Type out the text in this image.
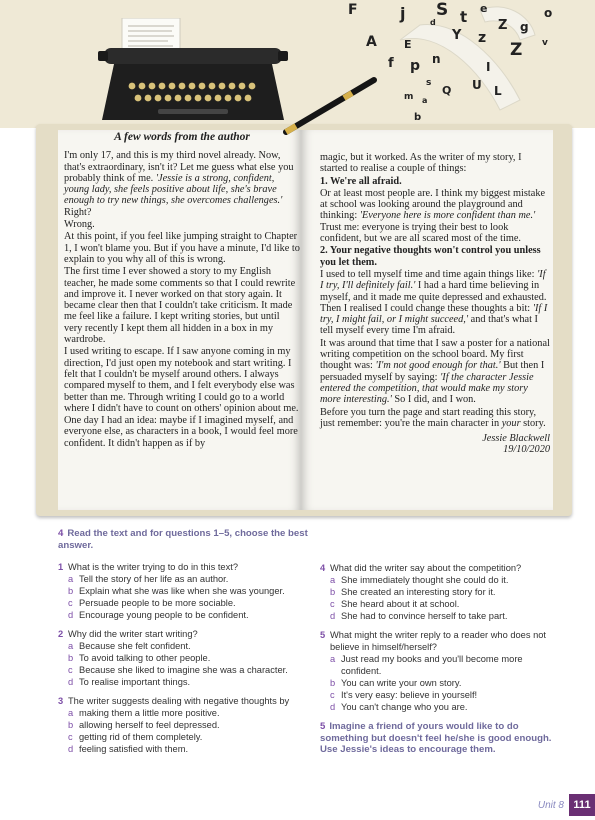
F	j S t e
Z g
o
d
Y z
A E	Z v
n
f p	I
U
Q	L
s
m a
b
A few words from the author

I'm only 17, and this is my third novel already. Now, that's extraordinary, isn't it? Let me guess what else you probably think of me. 'Jessie is a strong, confident, young lady, she feels positive about life, she's brave enough to try new things, she overcomes challenges.' Right?

Wrong.

At this point, if you feel like jumping straight to Chapter 1, I won't blame you. But if you have a minute, I'd like to explain to you why all of this is wrong.

The first time I ever showed a story to my English teacher, he made some comments so that I could rewrite and improve it. I never worked on that story again. It became clear then that I couldn't take criticism. It made me feel like a failure. I kept writing stories, but until very recently I kept them all hidden in a box in my wardrobe.

I used writing to escape. If I saw anyone coming in my direction, I'd just open my notebook and start writing. I felt that I couldn't be myself around others. I always compared myself to them, and I felt everybody else was better than me. Through writing I could go to a world where I didn't have to count on others' opinion about me.

One day I had an idea: maybe if I imagined myself, and everyone else, as characters in a book, I would feel more confident. It didn't happen as if by

magic, but it worked. As the writer of my story, I started to realise a couple of things:

1. We're all afraid.

Or at least most people are. I think my biggest mistake at school was looking around the playground and thinking: 'Everyone here is more confident than me.' Trust me: everyone is trying their best to look confident, but we are all scared most of the time.

2. Your negative thoughts won't control you unless you let them.

I used to tell myself time and time again things like: 'If I try, I'll definitely fail.' I had a hard time believing in myself, and it made me quite depressed and exhausted. Then I realised I could change these thoughts a bit: 'If I try, I might fail, or I might succeed,' and that's what I tell myself every time I'm afraid.

It was around that time that I saw a poster for a national writing competition on the school board. My first thought was: 'I'm not good enough for that.' But then I persuaded myself by saying: 'If the character Jessie entered the competition, that would make my story more interesting.' So I did, and I won.

Before you turn the page and start reading this story, just remember: you're the main character in your story.

Jessie Blackwell
19/10/2020
4 Read the text and for questions 1–5, choose the best answer.
1 What is the writer trying to do in this text?
a Tell the story of her life as an author.
b Explain what she was like when she was younger.
c Persuade people to be more sociable.
d Encourage young people to be confident.
2 Why did the writer start writing?
a Because she felt confident.
b To avoid talking to other people.
c Because she liked to imagine she was a character.
d To realise important things.
3 The writer suggests dealing with negative thoughts by
a making them a little more positive.
b allowing herself to feel depressed.
c getting rid of them completely.
d feeling satisfied with them.
4 What did the writer say about the competition?
a She immediately thought she could do it.
b She created an interesting story for it.
c She heard about it at school.
d She had to convince herself to take part.
5 What might the writer reply to a reader who does not believe in himself/herself?
a Just read my books and you'll become more confident.
b You can write your own story.
c It's very easy: believe in yourself!
d You can't change who you are.
5 Imagine a friend of yours would like to do something but doesn't feel he/she is good enough. Use Jessie's ideas to encourage them.
Unit 8 111
